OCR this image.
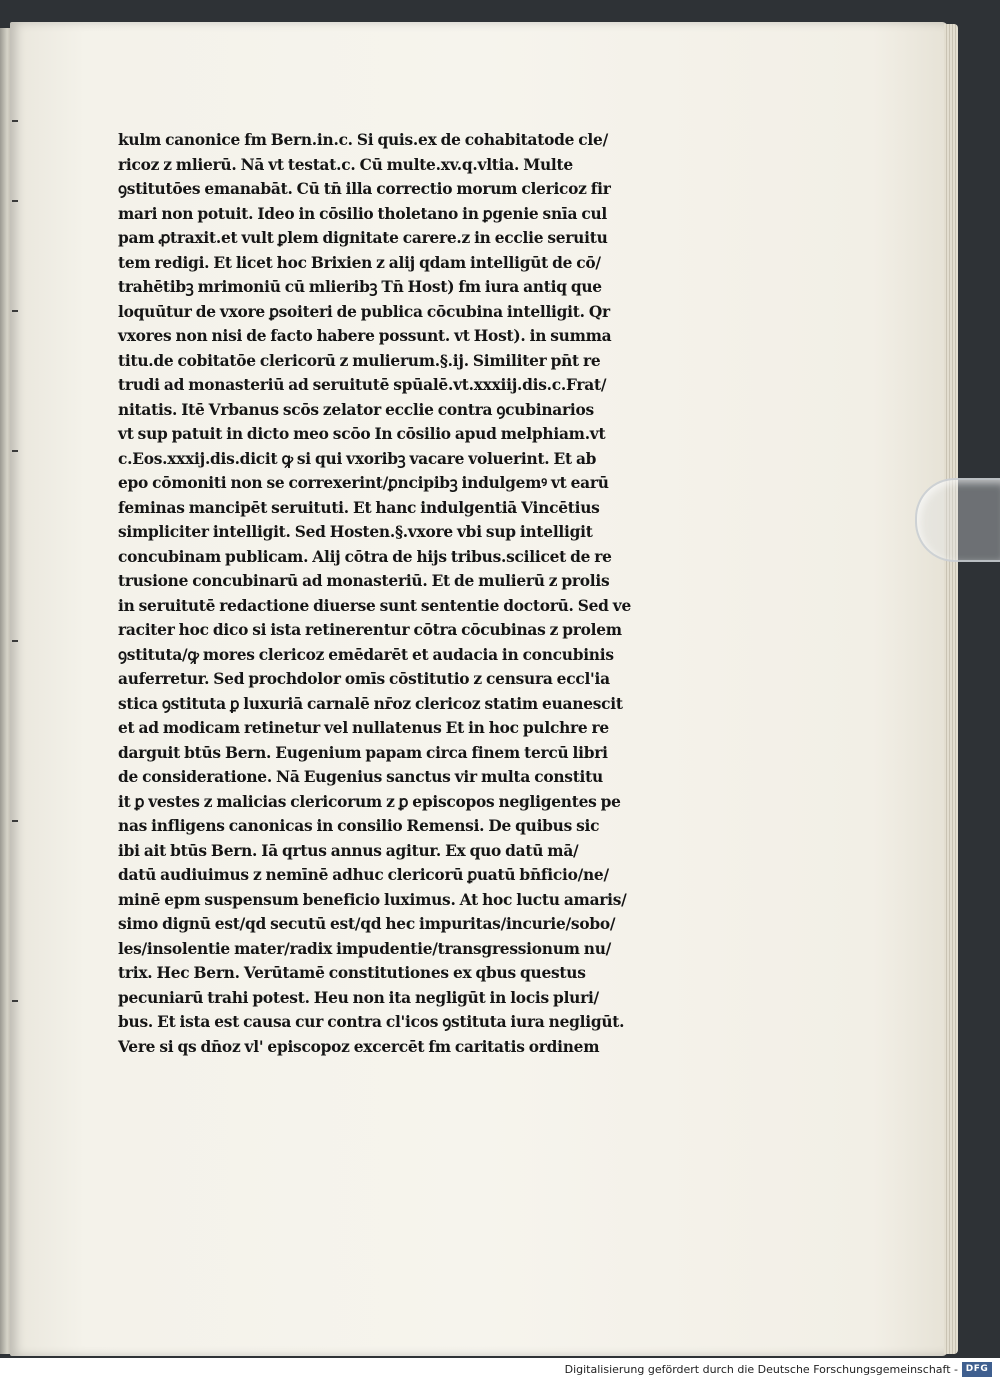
kulm canonice fm Bern.in.c. Si quis.ex de cohabitatode cle/
ricoz z mlierū. Nā vt testat.c. Cū multe.xv.q.vltia. Multe
ꝯstitutōes emanabāt. Cū tn̄ illa correctio morum clericoz fir
mari non potuit. Ideo in cōsilio tholetano in ꝑgenie snīa cul
pam ꝓtraxit.et vult ꝑlem dignitate carere.z in ecclie seruitu
tem redigi. Et licet hoc Brixien z alij qdam intelligūt de cō/
trahētibꝫ mrimoniū cū mlieribꝫ Tn̄ Host) fm iura antiq que
loquūtur de vxore ꝑsoiteri de publica cōcubina intelligit. Qr
vxores non nisi de facto habere possunt. vt Host). in summa
titu.de cobitatōe clericorū z mulierum.§.ij. Similiter pn̄t re
trudi ad monasteriū ad seruitutē spūalē.vt.xxxiij.dis.c.Frat/
nitatis. Itē Vrbanus scōs zelator ecclie contra ꝯcubinarios
vt sup patuit in dicto meo scōo In cōsilio apud melphiam.vt
c.Eos.xxxij.dis.dicit ꝙ si qui vxoribꝫ vacare voluerint. Et ab
epo cōmoniti non se correxerint/ꝑncipibꝫ indulgemꝰ vt earū
feminas mancipēt seruituti. Et hanc indulgentiā Vincētius
simpliciter intelligit. Sed Hosten.§.vxore vbi sup intelligit
concubinam publicam. Alij cōtra de hijs tribus.scilicet de re
trusione concubinarū ad monasteriū. Et de mulierū z prolis
in seruitutē redactione diuerse sunt sententie doctorū. Sed ve
raciter hoc dico si ista retinerentur cōtra cōcubinas z prolem
ꝯstituta/ꝙ mores clericoz emēdarēt et audacia in concubinis
auferretur. Sed prochdolor omīs cōstitutio z censura eccl'ia
stica ꝯstituta ꝑ luxuriā carnalē nr̄oz clericoz statim euanescit
et ad modicam retinetur vel nullatenus Et in hoc pulchre re
darguit btūs Bern. Eugenium papam circa finem tercū libri
de consideratione. Nā Eugenius sanctus vir multa constitu
it ꝑ vestes z malicias clericorum z ꝑ episcopos negligentes pe
nas infligens canonicas in consilio Remensi. De quibus sic
ibi ait btūs Bern. Iā qrtus annus agitur. Ex quo datū mā/
datū audiuimus z nemīnē adhuc clericorū ꝑuatū bn̄ficio/ne/
minē epm suspensum beneficio luximus. At hoc luctu amaris/
simo dignū est/qd secutū est/qd hec impuritas/incurie/sobo/
les/insolentie mater/radix impudentie/transgressionum nu/
trix. Hec Bern. Verūtamē constitutiones ex qbus questus
pecuniarū trahi potest. Heu non ita negligūt in locis pluri/
bus. Et ista est causa cur contra cl'icos ꝯstituta iura negligūt.
Vere si qs dn̄oz vl' episcopoz excercēt fm caritatis ordinem
Digitalisierung gefördert durch die Deutsche Forschungsgemeinschaft - DFG
